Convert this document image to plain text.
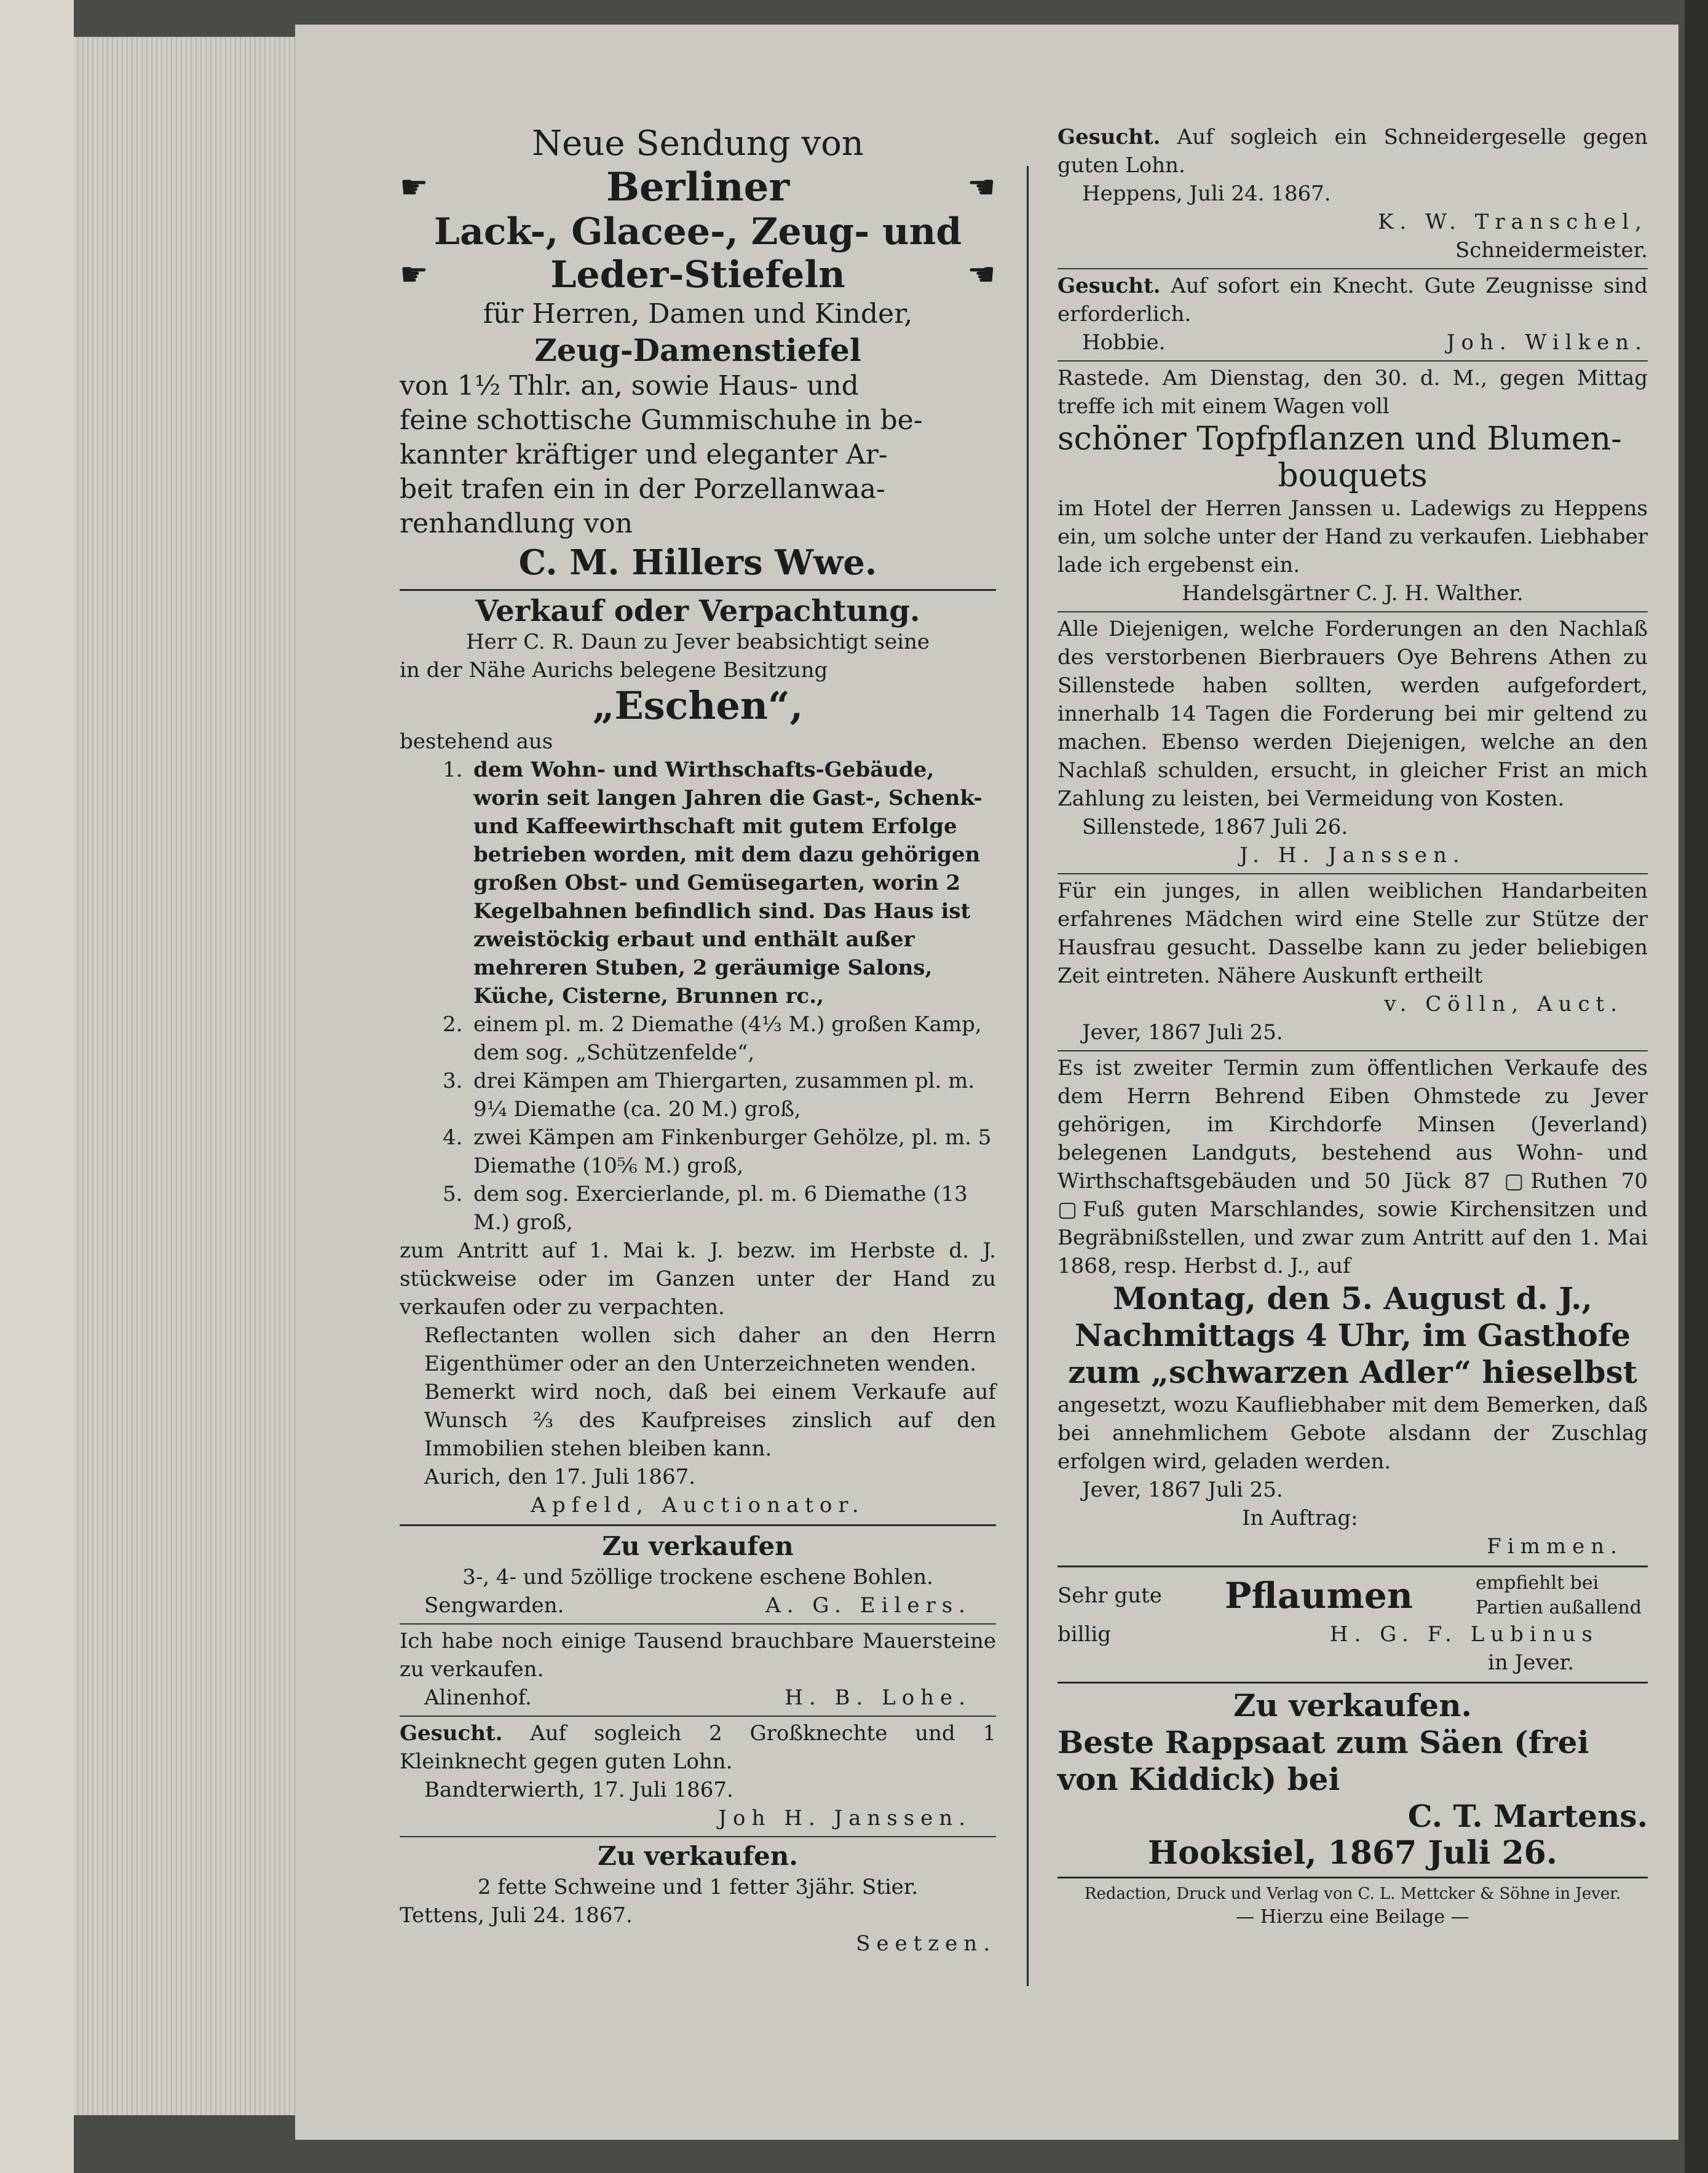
Neue Sendung von
☛	Berliner	☛
Lack-, Glacee-, Zeug- und
☛	Leder-Stiefeln	☛
für Herren, Damen und Kinder,
Zeug-Damenstiefel
von 1½ Thlr. an, sowie Haus- und
feine schottische Gummischuhe in be-
kannter kräftiger und eleganter Ar-
beit trafen ein in der Porzellanwaa-
renhandlung von
C. M. Hillers Wwe.
Verkauf oder Verpachtung.
Herr C. R. Daun zu Jever beabsichtigt seine
in der Nähe Aurichs belegene Besitzung
„Eschen“,
bestehend aus
1. dem Wohn- und Wirthschafts-Gebäude, worin seit langen Jahren die Gast-, Schenk- und Kaffeewirthschaft mit gutem Erfolge betrieben worden, mit dem dazu gehörigen großen Obst- und Gemüsegarten, worin 2 Kegelbahnen befindlich sind. Das Haus ist zweistöckig erbaut und enthält außer mehreren Stuben, 2 geräumige Salons, Küche, Cisterne, Brunnen rc.,
2. einem pl. m. 2 Diemathe (4⅓ M.) großen Kamp, dem sog. „Schützenfelde“,
3. drei Kämpen am Thiergarten, zusammen pl. m. 9¼ Diemathe (ca. 20 M.) groß,
4. zwei Kämpen am Finkenburger Gehölze, pl. m. 5 Diemathe (10⅚ M.) groß,
5. dem sog. Exercierlande, pl. m. 6 Diemathe (13 M.) groß,
zum Antritt auf 1. Mai k. J. bezw. im Herbste d. J. stückweise oder im Ganzen unter der Hand zu verkaufen oder zu verpachten.
Reflectanten wollen sich daher an den Herrn Eigenthümer oder an den Unterzeichneten wenden.
Bemerkt wird noch, daß bei einem Verkaufe auf Wunsch ⅔ des Kaufpreises zinslich auf den Immobilien stehen bleiben kann.
Aurich, den 17. Juli 1867.
Apfeld, Auctionator.
Zu verkaufen
3-, 4- und 5zöllige trockene eschene Bohlen.
Sengwarden.	A. G. Eilers.
Ich habe noch einige Tausend brauchbare Mauersteine zu verkaufen.
Alinenhof.	H. B. Lohe.
Gesucht. Auf sogleich 2 Großknechte und 1 Kleinknecht gegen guten Lohn.
Bandterwierth, 17. Juli 1867.
Joh H. Janssen.
Zu verkaufen.
2 fette Schweine und 1 fetter 3jähr. Stier.
Tettens, Juli 24. 1867.
Seetzen.
Gesucht. Auf sogleich ein Schneidergeselle gegen guten Lohn.
Heppens, Juli 24. 1867.
K. W. Transchel,
Schneidermeister.
Gesucht. Auf sofort ein Knecht. Gute Zeugnisse sind erforderlich.
Hobbie.	Joh. Wilken.
Rastede. Am Dienstag, den 30. d. M., gegen Mittag treffe ich mit einem Wagen voll
schöner Topfpflanzen und Blumen-
bouquets
im Hotel der Herren Janssen u. Ladewigs zu Heppens ein, um solche unter der Hand zu verkaufen. Liebhaber lade ich ergebenst ein.
Handelsgärtner C. J. H. Walther.
Alle Diejenigen, welche Forderungen an den Nachlaß des verstorbenen Bierbrauers Oye Behrens Athen zu Sillenstede haben sollten, werden aufgefordert, innerhalb 14 Tagen die Forderung bei mir geltend zu machen. Ebenso werden Diejenigen, welche an den Nachlaß schulden, ersucht, in gleicher Frist an mich Zahlung zu leisten, bei Vermeidung von Kosten.
Sillenstede, 1867 Juli 26.
J. H. Janssen.
Für ein junges, in allen weiblichen Handarbeiten erfahrenes Mädchen wird eine Stelle zur Stütze der Hausfrau gesucht. Dasselbe kann zu jeder beliebigen Zeit eintreten. Nähere Auskunft ertheilt
v. Cölln, Auct.
Jever, 1867 Juli 25.
Es ist zweiter Termin zum öffentlichen Verkaufe des dem Herrn Behrend Eiben Ohmstede zu Jever gehörigen, im Kirchdorfe Minsen (Jeverland) belegenen Landguts, bestehend aus Wohn- und Wirthschaftsgebäuden und 50 Jück 87 ▢Ruthen 70 ▢Fuß guten Marschlandes, sowie Kirchensitzen und Begräbnißstellen, und zwar zum Antritt auf den 1. Mai 1868, resp. Herbst d. J., auf
Montag, den 5. August d. J.,
Nachmittags 4 Uhr, im Gasthofe
zum „schwarzen Adler“ hieselbst
angesetzt, wozu Kaufliebhaber mit dem Bemerken, daß bei annehmlichem Gebote alsdann der Zuschlag erfolgen wird, geladen werden.
Jever, 1867 Juli 25.
In Auftrag:
Fimmen.
Sehr gute Pflaumen	empfiehlt bei Partien außallend
billig	H. G. F. Lubinus
in Jever.
Zu verkaufen.
Beste Rappsaat zum Säen (frei
von Kiddick) bei
C. T. Martens.
Hooksiel, 1867 Juli 26.
Redaction, Druck und Verlag von C. L. Mettcker & Söhne in Jever.
— Hierzu eine Beilage —
